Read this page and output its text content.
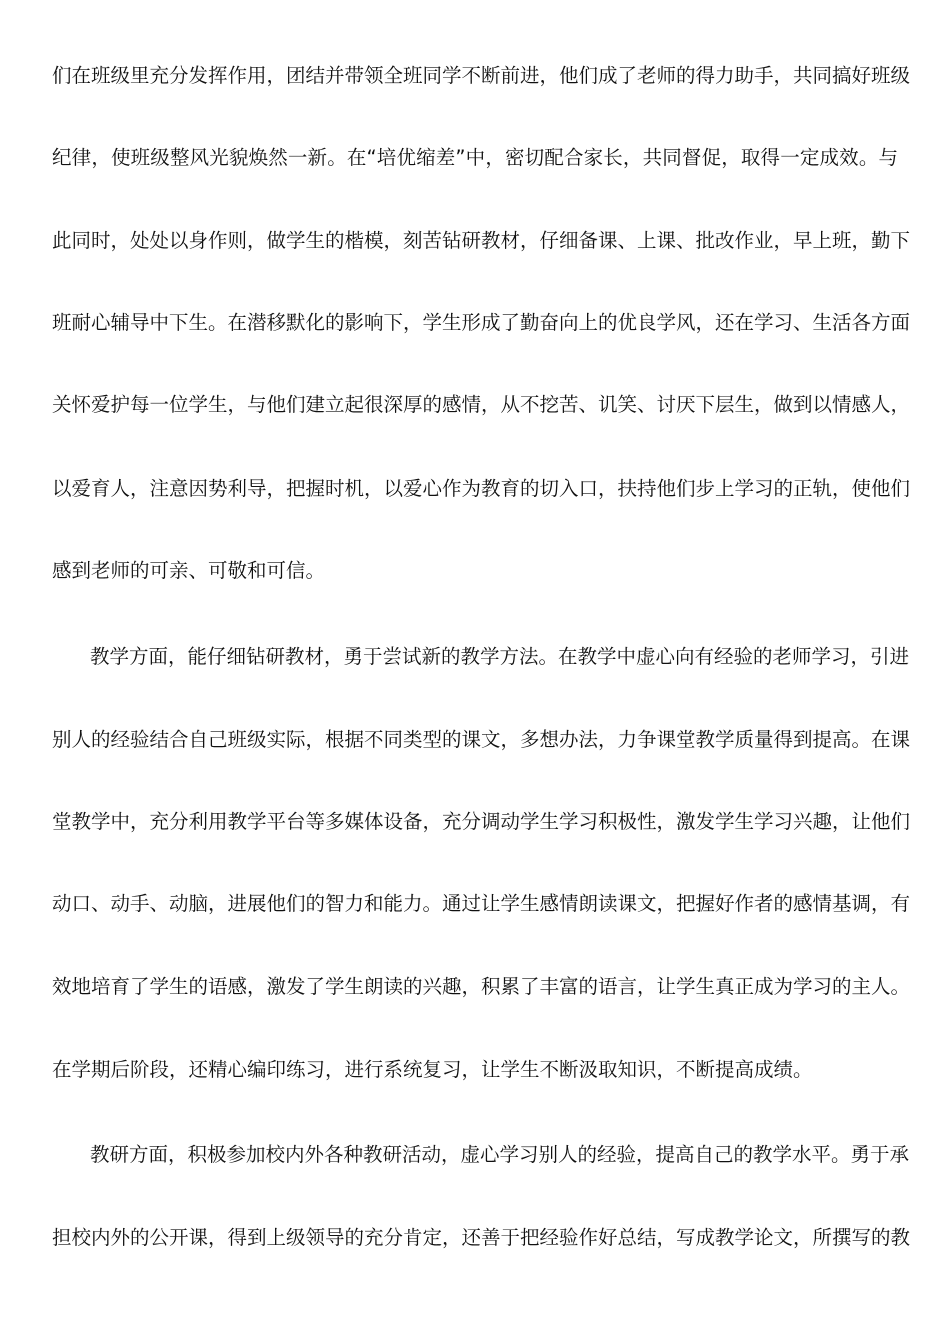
们在班级里充分发挥作用，团结并带领全班同学不断前进，他们成了老师的得力助手，共同搞好班级
纪律，使班级整风光貌焕然一新。在“培优缩差”中，密切配合家长，共同督促，取得一定成效。与
此同时，处处以身作则，做学生的楷模，刻苦钻研教材，仔细备课、上课、批改作业，早上班，勤下
班耐心辅导中下生。在潜移默化的影响下，学生形成了勤奋向上的优良学风，还在学习、生活各方面
关怀爱护每一位学生，与他们建立起很深厚的感情，从不挖苦、讥笑、讨厌下层生，做到以情感人，
以爱育人，注意因势利导，把握时机，以爱心作为教育的切入口，扶持他们步上学习的正轨，使他们
感到老师的可亲、可敬和可信。
教学方面，能仔细钻研教材，勇于尝试新的教学方法。在教学中虚心向有经验的老师学习，引进
别人的经验结合自己班级实际，根据不同类型的课文，多想办法，力争课堂教学质量得到提高。在课
堂教学中，充分利用教学平台等多媒体设备，充分调动学生学习积极性，激发学生学习兴趣，让他们
动口、动手、动脑，进展他们的智力和能力。通过让学生感情朗读课文，把握好作者的感情基调，有
效地培育了学生的语感，激发了学生朗读的兴趣，积累了丰富的语言，让学生真正成为学习的主人。
在学期后阶段，还精心编印练习，进行系统复习，让学生不断汲取知识，不断提高成绩。
教研方面，积极参加校内外各种教研活动，虚心学习别人的经验，提高自己的教学水平。勇于承
担校内外的公开课，得到上级领导的充分肯定，还善于把经验作好总结，写成教学论文，所撰写的教
